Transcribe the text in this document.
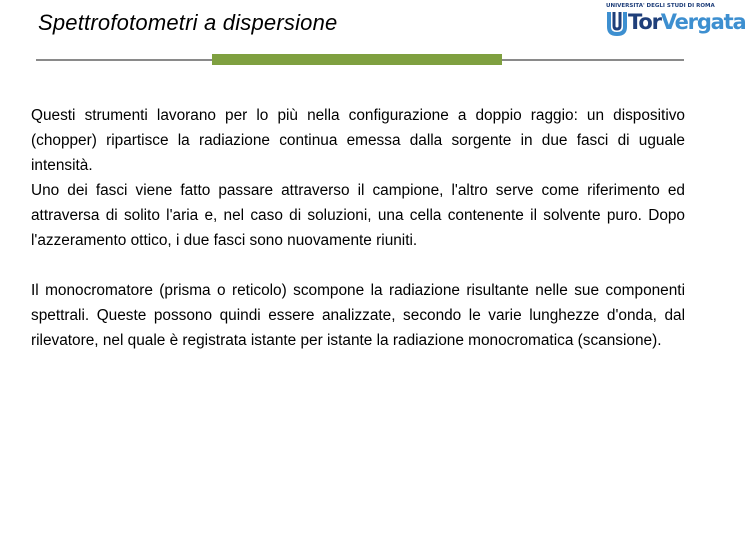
Spettrofotometri a dispersione
UNIVERSITA' DEGLI STUDI DI ROMA
TorVergata

Questi strumenti lavorano per lo più nella configurazione a doppio raggio: un dispositivo (chopper) ripartisce la radiazione continua emessa dalla sorgente in due fasci di uguale intensità.

Uno dei fasci viene fatto passare attraverso il campione, l'altro serve come riferimento ed attraversa di solito l'aria e, nel caso di soluzioni, una cella contenente il solvente puro. Dopo l'azzeramento ottico, i due fasci sono nuovamente riuniti.

Il monocromatore (prisma o reticolo) scompone la radiazione risultante nelle sue componenti spettrali. Queste possono quindi essere analizzate, secondo le varie lunghezze d'onda, dal rilevatore, nel quale è registrata istante per istante la radiazione monocromatica (scansione).
